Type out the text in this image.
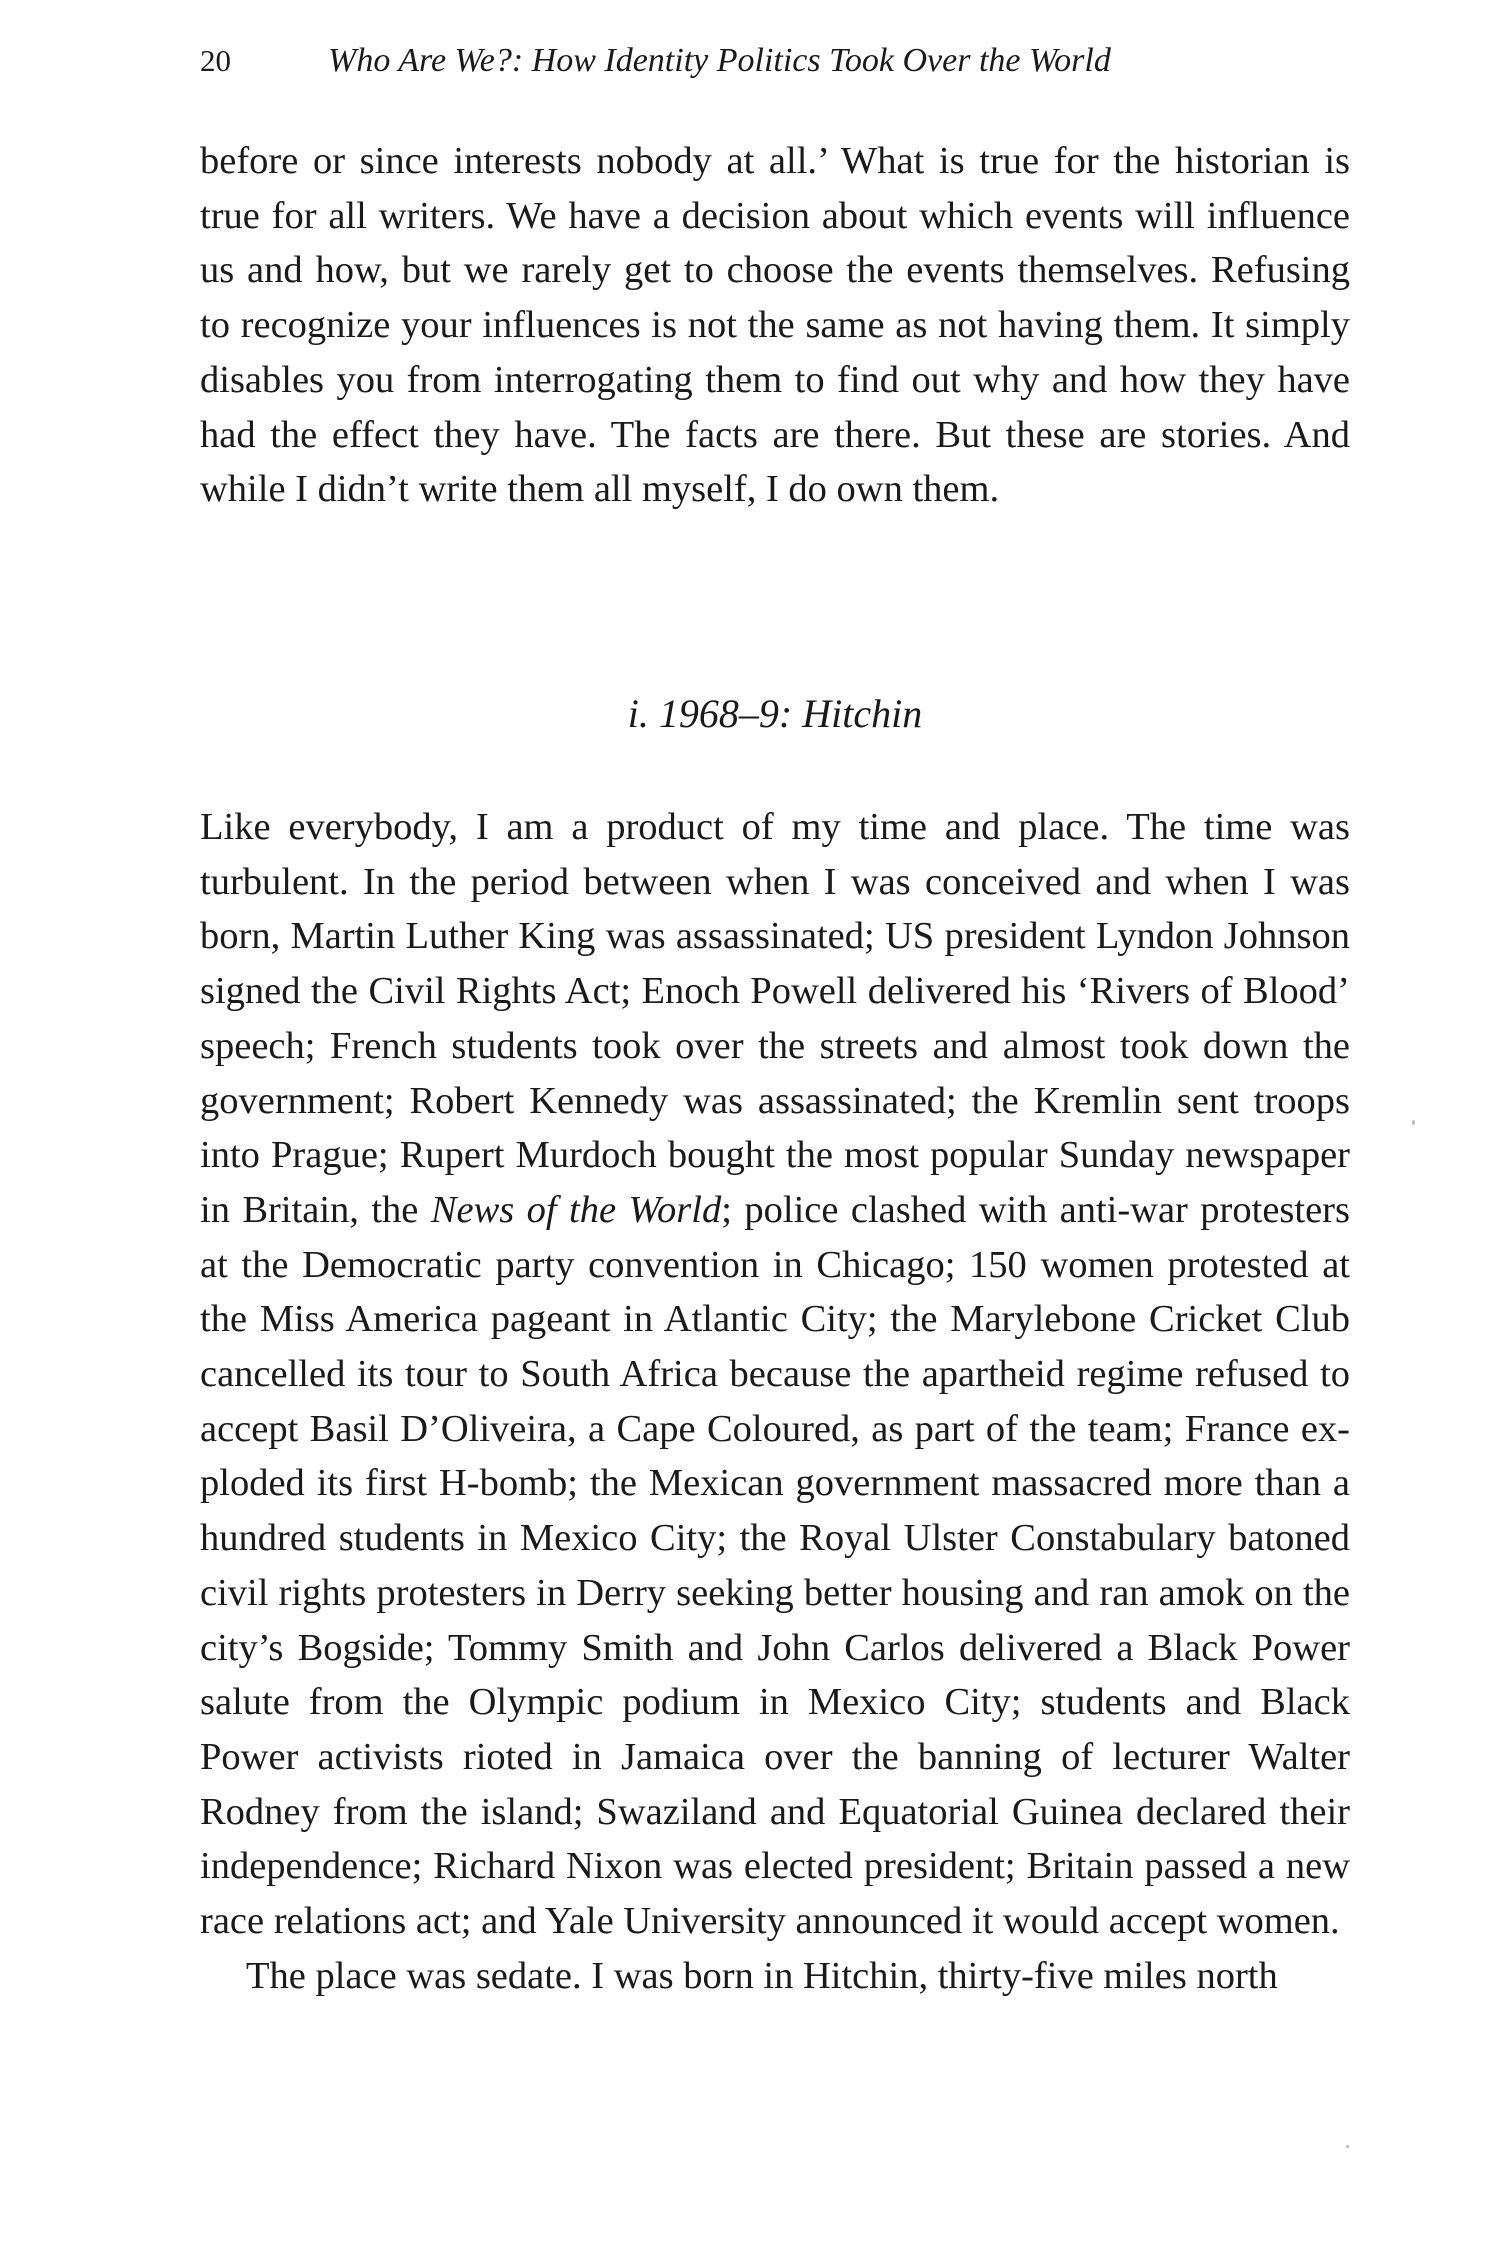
20	Who Are We?: How Identity Politics Took Over the World

before or since interests nobody at all.’ What is true for the historian is true for all writers. We have a decision about which events will influence us and how, but we rarely get to choose the events themselves. Refusing to recognize your influences is not the same as not having them. It simply disables you from interrogating them to find out why and how they have had the effect they have. The facts are there. But these are stories. And while I didn’t write them all myself, I do own them.

i. 1968–9: Hitchin

Like everybody, I am a product of my time and place. The time was turbulent. In the period between when I was conceived and when I was born, Martin Luther King was assassinated; US president Lyndon Johnson signed the Civil Rights Act; Enoch Powell delivered his ‘Rivers of Blood’ speech; French students took over the streets and almost took down the government; Robert Kennedy was assassinated; the Kremlin sent troops into Prague; Rupert Murdoch bought the most popular Sunday newspaper in Britain, the News of the World; police clashed with anti-war protesters at the Democratic party convention in Chicago; 150 women protested at the Miss America pageant in Atlantic City; the Marylebone Cricket Club cancelled its tour to South Africa because the apartheid regime refused to accept Basil D’Oliveira, a Cape Coloured, as part of the team; France exploded its first H-bomb; the Mexican government massacred more than a hundred students in Mexico City; the Royal Ulster Constabulary batoned civil rights protesters in Derry seeking better housing and ran amok on the city’s Bogside; Tommy Smith and John Carlos delivered a Black Power salute from the Olympic podium in Mexico City; students and Black Power activists rioted in Jamaica over the banning of lecturer Walter Rodney from the island; Swaziland and Equatorial Guinea declared their independence; Richard Nixon was elected president; Britain passed a new race relations act; and Yale University announced it would accept women.

The place was sedate. I was born in Hitchin, thirty-five miles north
